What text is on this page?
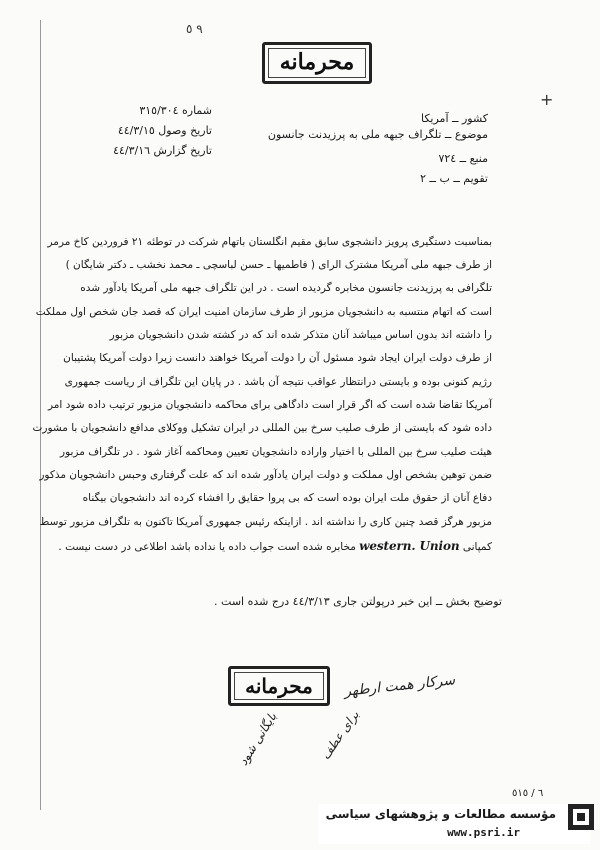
٩ ٥
+
محرمانه
کشور ــ آمریکا
موضوع ــ تلگراف جبهه ملی به پرزیدنت جانسون
منبع ــ ٧٢٤
تقویم ــ ب ــ ٢
شماره ٣١٥/٣٠٤
تاریخ وصول ٤٤/٣/١٥
تاریخ گزارش ٤٤/٣/١٦
بمناسبت دستگیری پرویز دانشجوی سابق مقیم انگلستان باتهام شرکت در توطئه ٢١ فروردین کاخ مرمر
از طرف جبهه ملی آمریکا مشترک الرای ( فاطمیها ـ حسن لباسچی ـ محمد نخشب ـ دکتر شایگان )
تلگرافی به پرزیدنت جانسون مخابره گردیده است . در این تلگراف جبهه ملی آمریکا یادآور شده
است که اتهام منتسبه به دانشجویان مزبور از طرف سازمان امنیت ایران که قصد جان شخص اول مملکت
را داشته اند بدون اساس میباشد آنان متذکر شده اند که در کشته شدن دانشجویان مزبور
از طرف دولت ایران ایجاد شود مسئول آن را دولت آمریکا خواهند دانست زیرا دولت آمریکا پشتیبان
رژیم کنونی بوده و بایستی درانتظار عواقب نتیجه آن باشد . در پایان این تلگراف از ریاست جمهوری
آمریکا تقاضا شده است که اگر قرار است دادگاهی برای محاکمه دانشجویان مزبور ترتیب داده شود امر
داده شود که بایستی از طرف صلیب سرخ بین المللی در ایران تشکیل ووکلای مدافع دانشجویان با مشورت
هیئت صلیب سرخ بین المللی با اختیار واراده دانشجویان تعیین ومحاکمه آغاز شود . در تلگراف مزبور
ضمن توهین بشخص اول مملکت و دولت ایران یادآور شده اند که علت گرفتاری وحبس دانشجویان مذکور
دفاع آنان از حقوق ملت ایران بوده است که بی پروا حقایق را افشاء کرده اند دانشجویان بیگناه
مزبور هرگز قصد چنین کاری را نداشته اند . ازاینکه رئیس جمهوری آمریکا تاکنون به تلگراف مزبور توسط
کمپانی western. Union مخابره شده است جواب داده یا نداده باشد اطلاعی در دست نیست .
توضیح بخش ــ این خبر درپولتن جاری ٤٤/٣/١٣ درج شده است .
محرمانه	سرکار همت ارطهر
بایگانی شود	برای عطف
٦ / ٥١٥
مؤسسه مطالعات و پژوهشهای سیاسی
www.psri.ir
